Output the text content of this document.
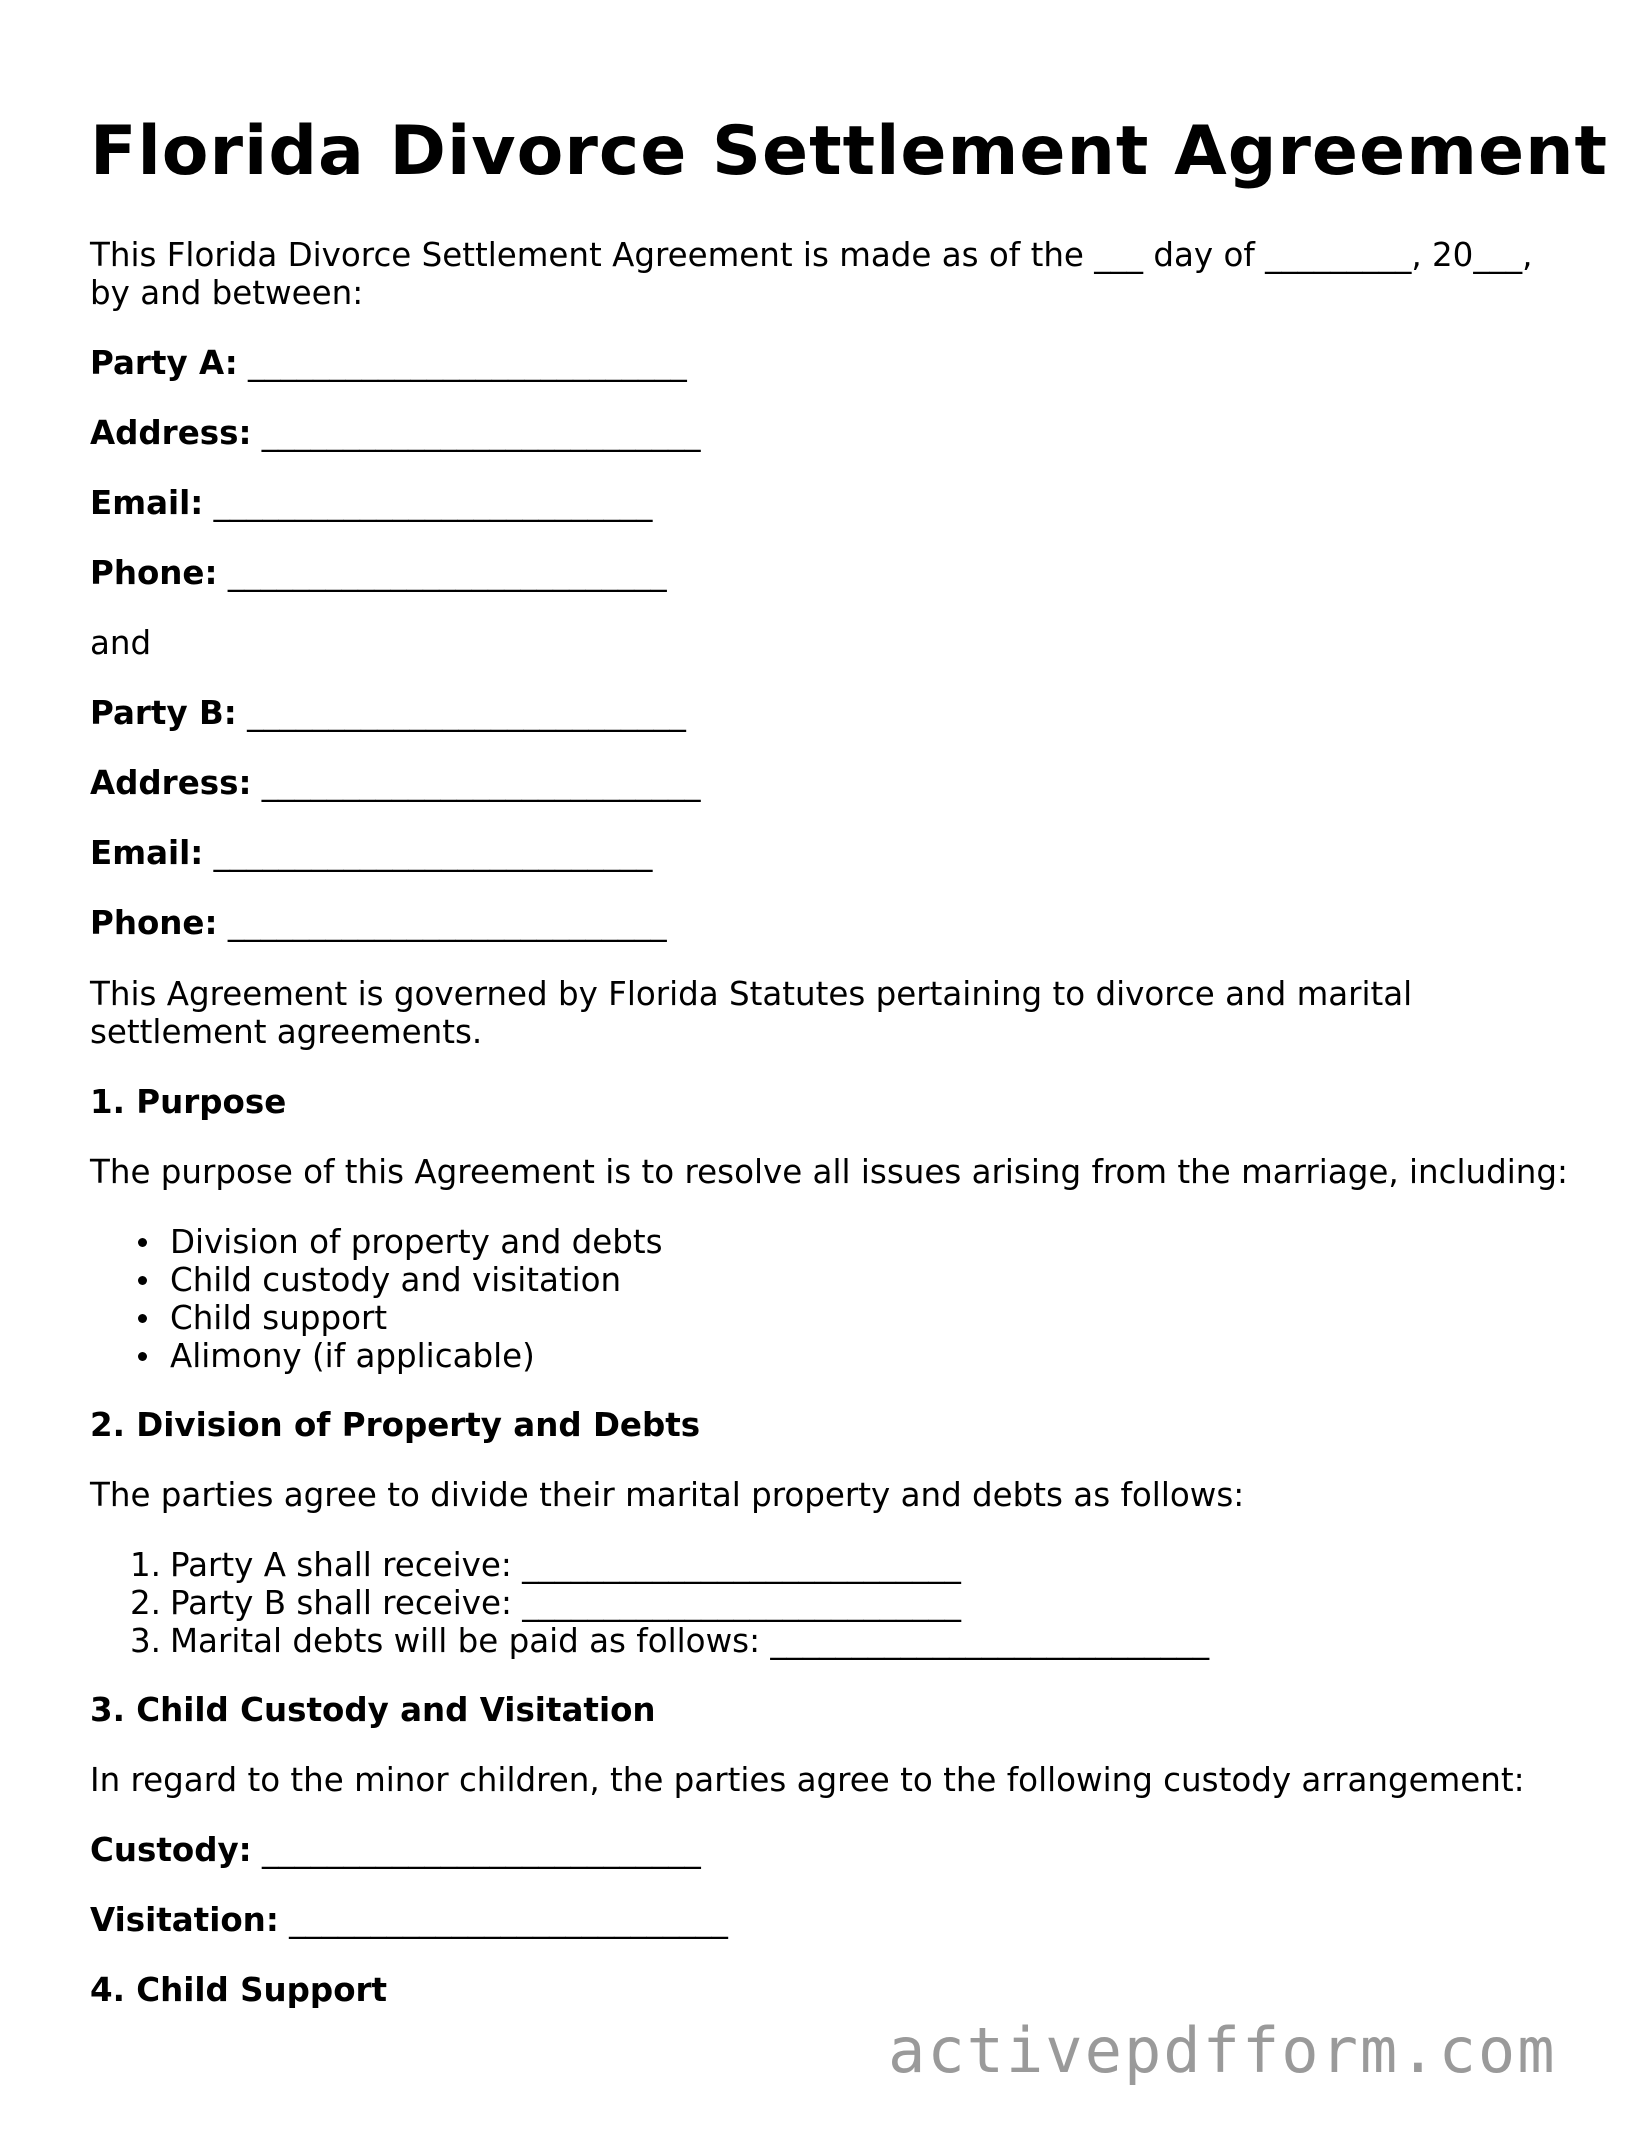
Florida Divorce Settlement Agreement

This Florida Divorce Settlement Agreement is made as of the ___ day of _________, 20___,

by and between:

Party A: ___________________________

Address: ___________________________

Email: ___________________________

Phone: ___________________________

and

Party B: ___________________________

Address: ___________________________

Email: ___________________________

Phone: ___________________________

This Agreement is governed by Florida Statutes pertaining to divorce and marital

settlement agreements.

1. Purpose

The purpose of this Agreement is to resolve all issues arising from the marriage, including:

Division of property and debts
Child custody and visitation
Child support
Alimony (if applicable)

2. Division of Property and Debts

The parties agree to divide their marital property and debts as follows:

1. Party A shall receive: ___________________________
2. Party B shall receive: ___________________________
3. Marital debts will be paid as follows: ___________________________

3. Child Custody and Visitation

In regard to the minor children, the parties agree to the following custody arrangement:

Custody: ___________________________

Visitation: ___________________________

4. Child Support

activepdfform.com
